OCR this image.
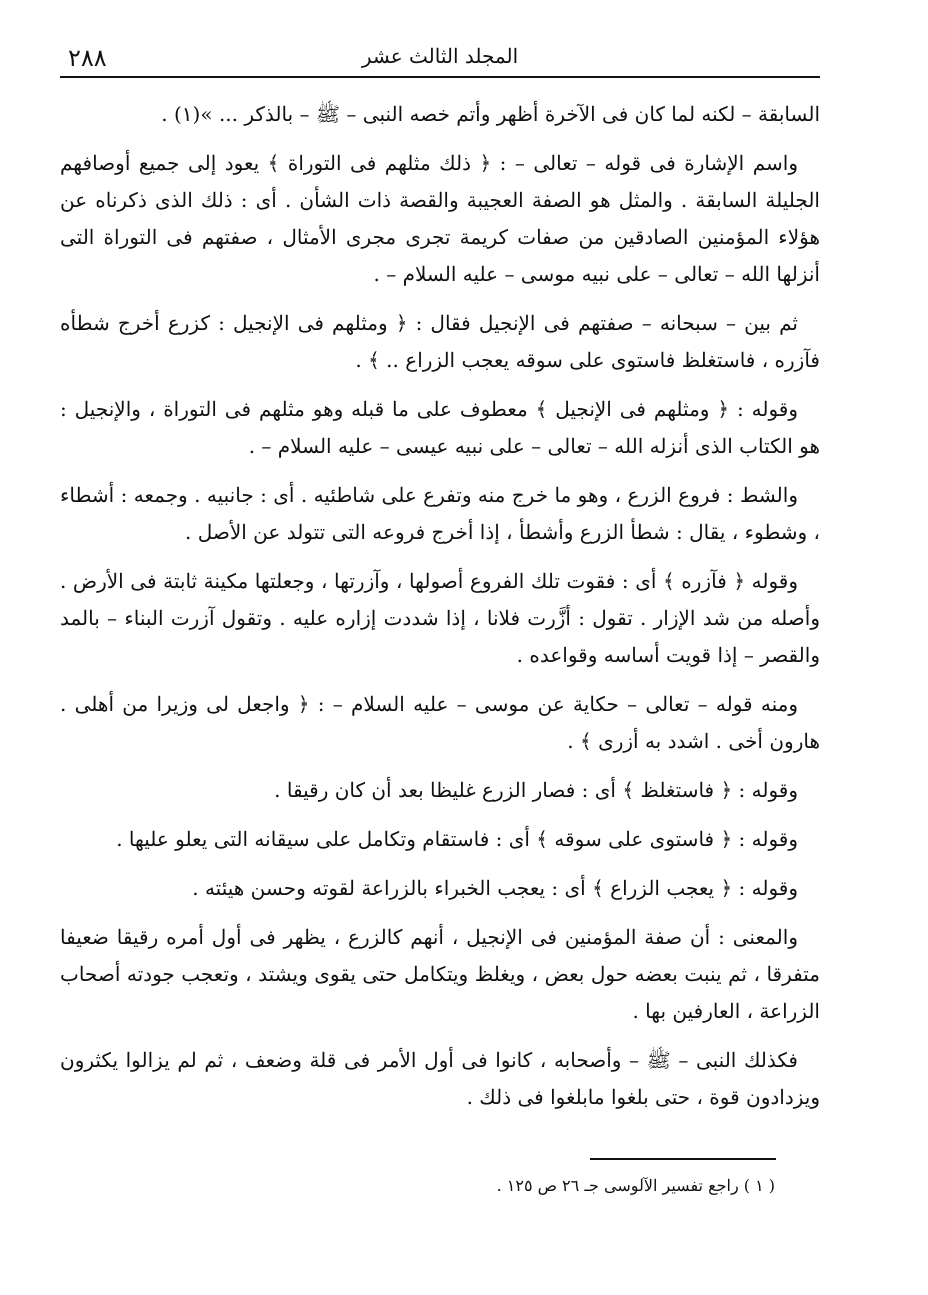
٢٨٨	المجلد الثالث عشر

السابقة – لكنه لما كان فى الآخرة أظهر وأتم خصه النبى – ﷺ – بالذكر ... »(١) .

واسم الإشارة فى قوله – تعالى – : ﴿ ذلك مثلهم فى التوراة ﴾ يعود إلى جميع أوصافهم الجليلة السابقة . والمثل هو الصفة العجيبة والقصة ذات الشأن . أى : ذلك الذى ذكرناه عن هؤلاء المؤمنين الصادقين من صفات كريمة تجرى مجرى الأمثال ، صفتهم فى التوراة التى أنزلها الله – تعالى – على نبيه موسى – عليه السلام – .

ثم بين – سبحانه – صفتهم فى الإنجيل فقال : ﴿ ومثلهم فى الإنجيل : كزرع أخرج شطأه فآزره ، فاستغلظ فاستوى على سوقه يعجب الزراع .. ﴾ .

وقوله : ﴿ ومثلهم فى الإنجيل ﴾ معطوف على ما قبله وهو مثلهم فى التوراة ، والإنجيل : هو الكتاب الذى أنزله الله – تعالى – على نبيه عيسى – عليه السلام – .

والشط : فروع الزرع ، وهو ما خرج منه وتفرع على شاطئيه . أى : جانبيه . وجمعه : أشطاء ، وشطوء ، يقال : شطأ الزرع وأشطأ ، إذا أخرج فروعه التى تتولد عن الأصل .

وقوله ﴿ فآزره ﴾ أى : فقوت تلك الفروع أصولها ، وآزرتها ، وجعلتها مكينة ثابتة فى الأرض . وأصله من شد الإزار . تقول : أزَّرت فلانا ، إذا شددت إزاره عليه . وتقول آزرت البناء – بالمد والقصر – إذا قويت أساسه وقواعده .

ومنه قوله – تعالى – حكاية عن موسى – عليه السلام – : ﴿ واجعل لى وزيرا من أهلى . هارون أخى . اشدد به أزرى ﴾ .

وقوله : ﴿ فاستغلظ ﴾ أى : فصار الزرع غليظا بعد أن كان رقيقا .

وقوله : ﴿ فاستوى على سوقه ﴾ أى : فاستقام وتكامل على سيقانه التى يعلو عليها .

وقوله : ﴿ يعجب الزراع ﴾ أى : يعجب الخبراء بالزراعة لقوته وحسن هيئته .

والمعنى : أن صفة المؤمنين فى الإنجيل ، أنهم كالزرع ، يظهر فى أول أمره رقيقا ضعيفا متفرقا ، ثم ينبت بعضه حول بعض ، ويغلظ ويتكامل حتى يقوى ويشتد ، وتعجب جودته أصحاب الزراعة ، العارفين بها .

فكذلك النبى – ﷺ – وأصحابه ، كانوا فى أول الأمر فى قلة وضعف ، ثم لم يزالوا يكثرون ويزدادون قوة ، حتى بلغوا مابلغوا فى ذلك .

( ١ ) راجع تفسير الآلوسى جـ ٢٦ ص ١٢٥ .
